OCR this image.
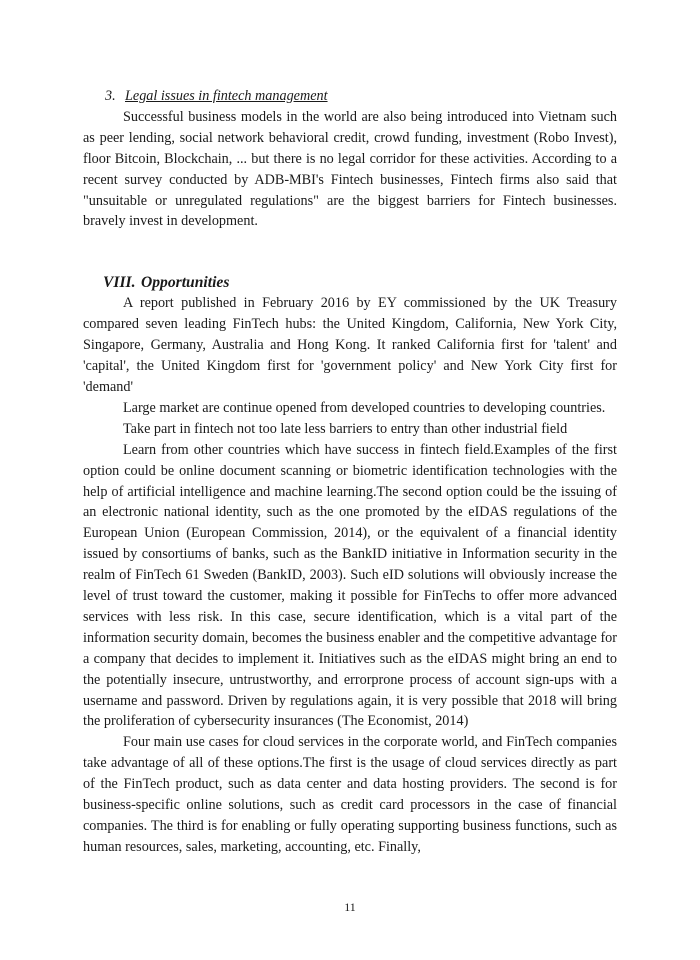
3. Legal issues in fintech management

Successful business models in the world are also being introduced into Vietnam such as peer lending, social network behavioral credit, crowd funding, investment (Robo Invest), floor Bitcoin, Blockchain, ... but there is no legal corridor for these activities. According to a recent survey conducted by ADB-MBI's Fintech businesses, Fintech firms also said that "unsuitable or unregulated regulations" are the biggest barriers for Fintech businesses. bravely invest in development.

VIII. Opportunities

A report published in February 2016 by EY commissioned by the UK Treasury compared seven leading FinTech hubs: the United Kingdom, California, New York City, Singapore, Germany, Australia and Hong Kong. It ranked California first for 'talent' and 'capital', the United Kingdom first for 'government policy' and New York City first for 'demand'

Large market are continue opened from developed countries to developing countries.

Take part in fintech not too late less barriers to entry than other industrial field

Learn from other countries which have success in fintech field.Examples of the first option could be online document scanning or biometric identification technologies with the help of artificial intelligence and machine learning.The second option could be the issuing of an electronic national identity, such as the one promoted by the eIDAS regulations of the European Union (European Commission, 2014), or the equivalent of a financial identity issued by consortiums of banks, such as the BankID initiative in Information security in the realm of FinTech 61 Sweden (BankID, 2003). Such eID solutions will obviously increase the level of trust toward the customer, making it possible for FinTechs to offer more advanced services with less risk. In this case, secure identification, which is a vital part of the information security domain, becomes the business enabler and the competitive advantage for a company that decides to implement it. Initiatives such as the eIDAS might bring an end to the potentially insecure, untrustworthy, and errorprone process of account sign-ups with a username and password. Driven by regulations again, it is very possible that 2018 will bring the proliferation of cybersecurity insurances (The Economist, 2014)

Four main use cases for cloud services in the corporate world, and FinTech companies take advantage of all of these options.The first is the usage of cloud services directly as part of the FinTech product, such as data center and data hosting providers. The second is for business-specific online solutions, such as credit card processors in the case of financial companies. The third is for enabling or fully operating supporting business functions, such as human resources, sales, marketing, accounting, etc. Finally,

11
